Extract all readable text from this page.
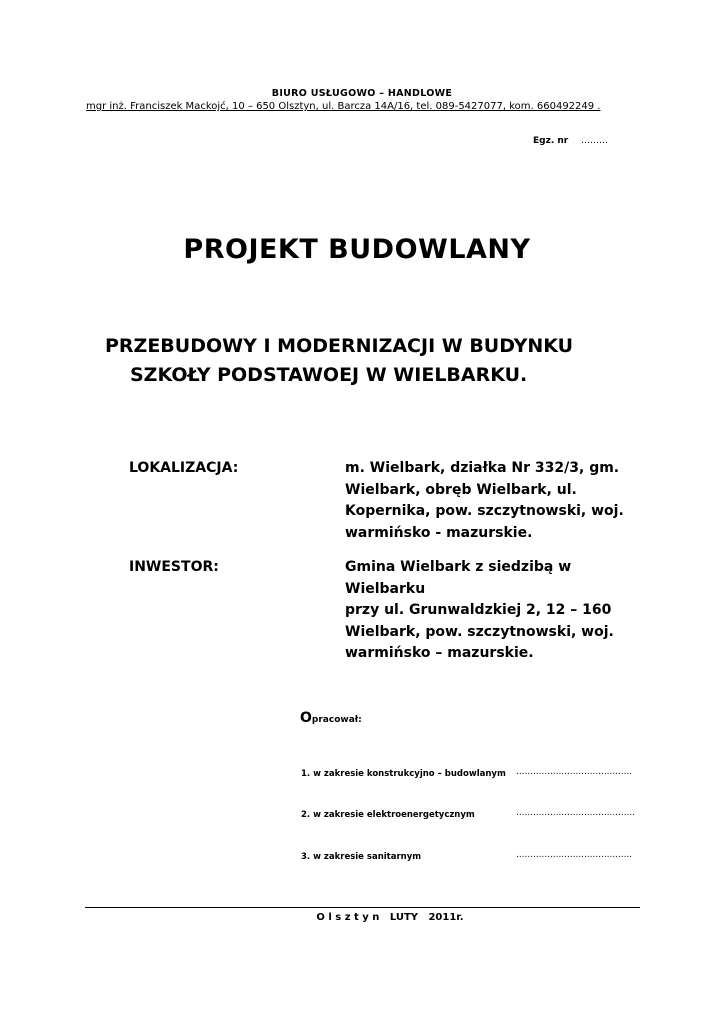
BIURO USŁUGOWO – HANDLOWE
mgr inż. Franciszek Mackojć, 10 – 650 Olsztyn, ul. Barcza 14A/16, tel. 089-5427077, kom. 660492249 .
Egz. nr ………
PROJEKT BUDOWLANY
PRZEBUDOWY I MODERNIZACJI W BUDYNKU
SZKOŁY PODSTAWOEJ W WIELBARKU.
LOKALIZACJA:	m. Wielbark, działka Nr 332/3, gm.
Wielbark, obręb Wielbark, ul.
Kopernika, pow. szczytnowski, woj.
warmińsko - mazurskie.
INWESTOR:	Gmina Wielbark z siedzibą w Wielbarku
przy ul. Grunwaldzkiej 2, 12 – 160
Wielbark, pow. szczytnowski, woj.
warmińsko – mazurskie.
Opracował:
1. w zakresie konstrukcyjno – budowlanym …………………………………..
2. w zakresie elektroenergetycznym	……………………………………
3. w zakresie sanitarnym	…………………………………..
O l s z t y n   LUTY   2011r.
